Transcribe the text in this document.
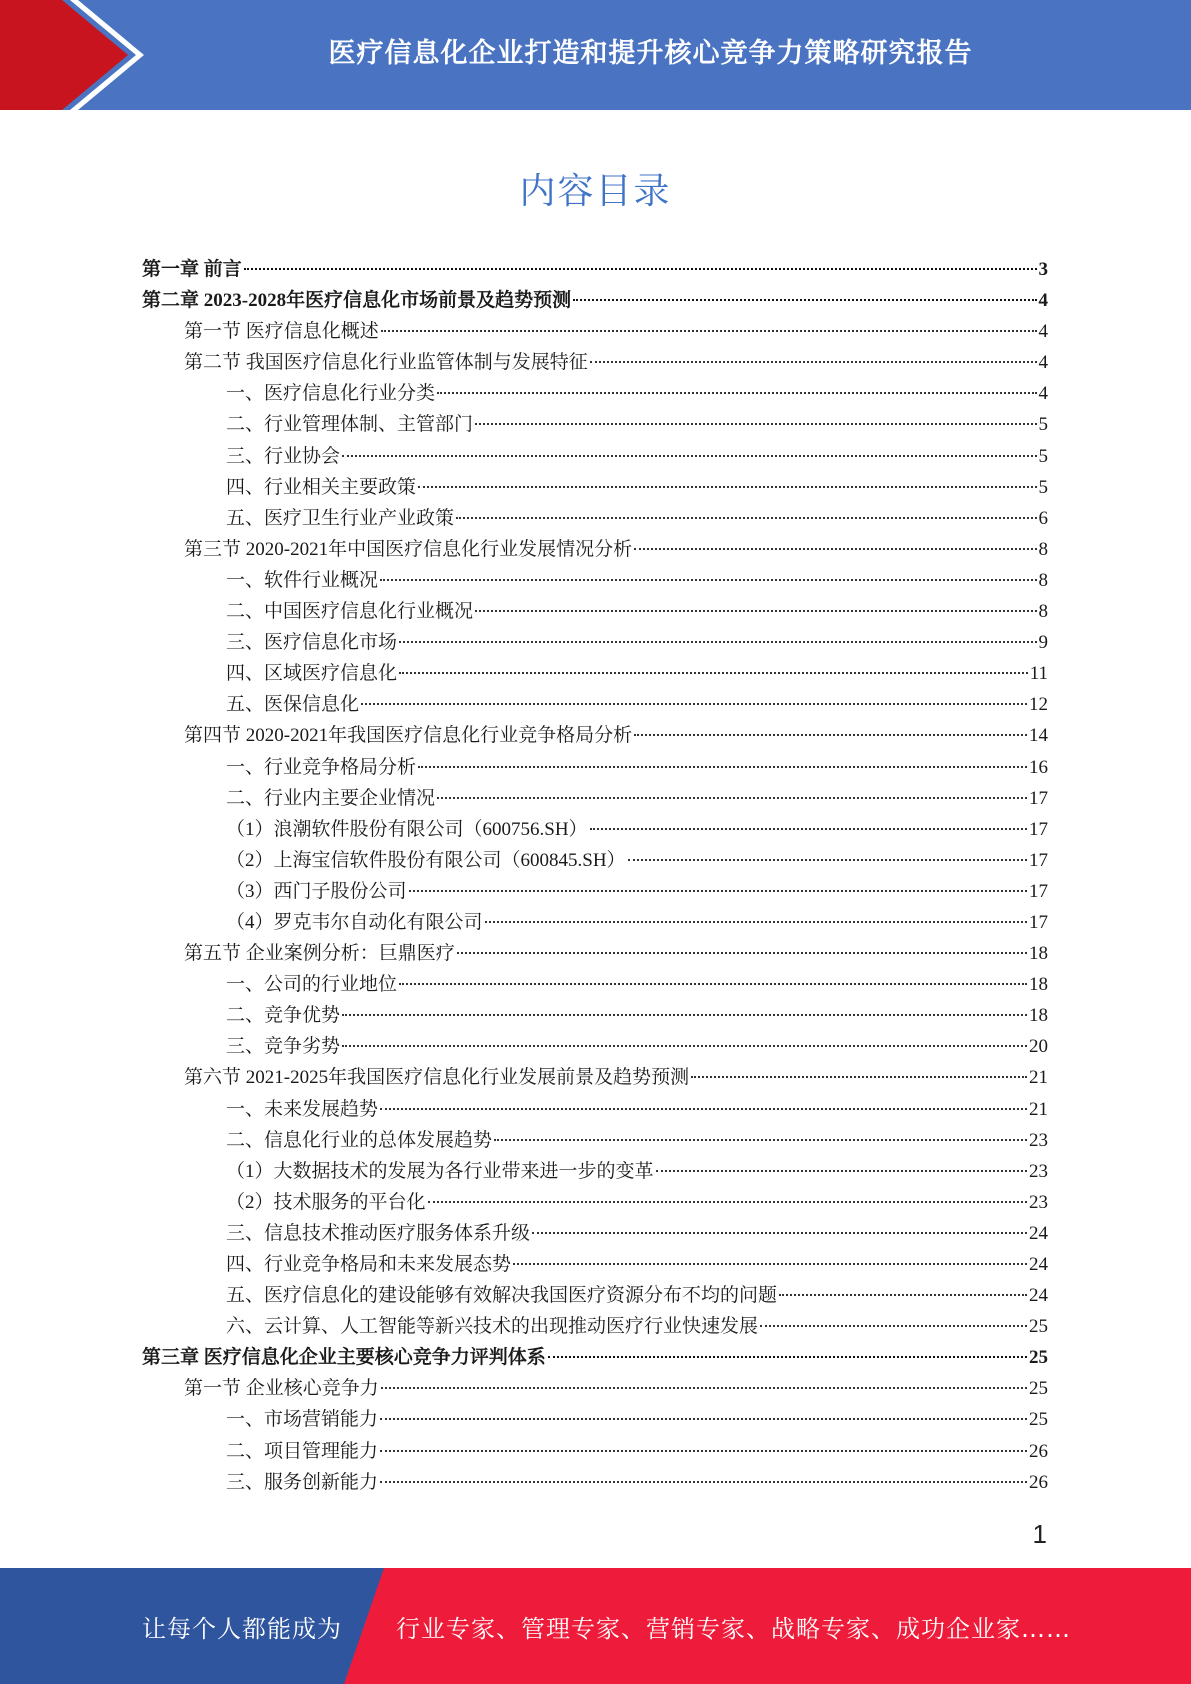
医疗信息化企业打造和提升核心竞争力策略研究报告
内容目录
第一章 前言	3
第二章 2023-2028年医疗信息化市场前景及趋势预测	4
第一节 医疗信息化概述	4
第二节 我国医疗信息化行业监管体制与发展特征	4
一、医疗信息化行业分类	4
二、行业管理体制、主管部门	5
三、行业协会	5
四、行业相关主要政策	5
五、医疗卫生行业产业政策	6
第三节 2020-2021年中国医疗信息化行业发展情况分析	8
一、软件行业概况	8
二、中国医疗信息化行业概况	8
三、医疗信息化市场	9
四、区域医疗信息化	11
五、医保信息化	12
第四节 2020-2021年我国医疗信息化行业竞争格局分析	14
一、行业竞争格局分析	16
二、行业内主要企业情况	17
（1）浪潮软件股份有限公司（600756.SH）	17
（2）上海宝信软件股份有限公司（600845.SH）	17
（3）西门子股份公司	17
（4）罗克韦尔自动化有限公司	17
第五节 企业案例分析：巨鼎医疗	18
一、公司的行业地位	18
二、竞争优势	18
三、竞争劣势	20
第六节 2021-2025年我国医疗信息化行业发展前景及趋势预测	21
一、未来发展趋势	21
二、信息化行业的总体发展趋势	23
（1）大数据技术的发展为各行业带来进一步的变革	23
（2）技术服务的平台化	23
三、信息技术推动医疗服务体系升级	24
四、行业竞争格局和未来发展态势	24
五、医疗信息化的建设能够有效解决我国医疗资源分布不均的问题	24
六、云计算、人工智能等新兴技术的出现推动医疗行业快速发展	25
第三章 医疗信息化企业主要核心竞争力评判体系	25
第一节 企业核心竞争力	25
一、市场营销能力	25
二、项目管理能力	26
三、服务创新能力	26
1
让每个人都能成为 行业专家、管理专家、营销专家、战略专家、成功企业家……
